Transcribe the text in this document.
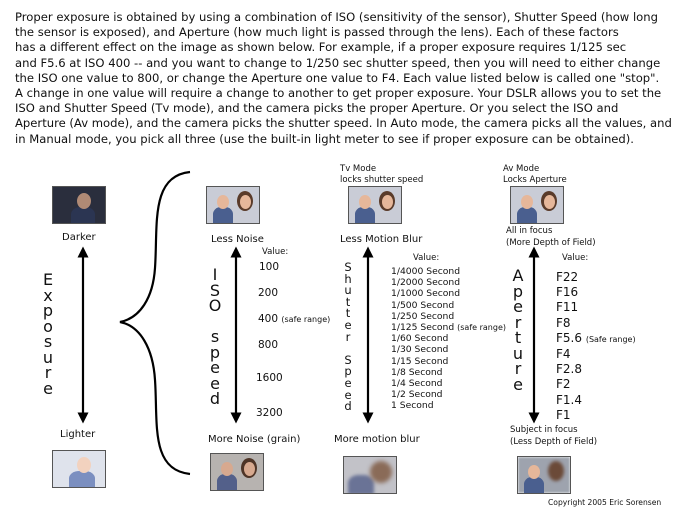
Proper exposure is obtained by using a combination of ISO (sensitivity of the sensor), Shutter Speed (how long
the sensor is exposed), and Aperture (how much light is passed through the lens). Each of these factors
has a different effect on the image as shown below. For example, if a proper exposure requires 1/125 sec
and F5.6 at ISO 400 -- and you want to change to 1/250 sec shutter speed, then you will need to either change
the ISO one value to 800, or change the Aperture one value to F4. Each value listed below is called one "stop".
A change in one value will require a change to another to get proper exposure. Your DSLR allows you to set the
ISO and Shutter Speed (Tv mode), and the camera picks the proper Aperture. Or you select the ISO and
Aperture (Av mode), and the camera picks the shutter speed. In Auto mode, the camera picks all the values, and
in Manual mode, you pick all three (use the built-in light meter to see if proper exposure can be obtained).
Darker
E
x
p
o
s
u
r
e
Lighter
Less Noise
Value:
I
S
O
s
p
e
e
d
100
200
400 (safe range)
800
1600
3200
More Noise (grain)
Tv Mode
locks shutter speed
Less Motion Blur
Value:
S
h
u
t
t
e
r
S
p
e
e
d
1/4000 Second
1/2000 Second
1/1000 Second
1/500 Second
1/250 Second
1/125 Second (safe range)
1/60 Second
1/30 Second
1/15 Second
1/8 Second
1/4 Second
1/2 Second
1 Second
More motion blur
Av Mode
Locks Aperture
All in focus
(More Depth of Field)
Value:
A
p
e
r
t
u
r
e
F22
F16
F11
F8
F5.6 (Safe range)
F4
F2.8
F2
F1.4
F1
Subject in focus
(Less Depth of Field)
Copyright 2005 Eric Sorensen
